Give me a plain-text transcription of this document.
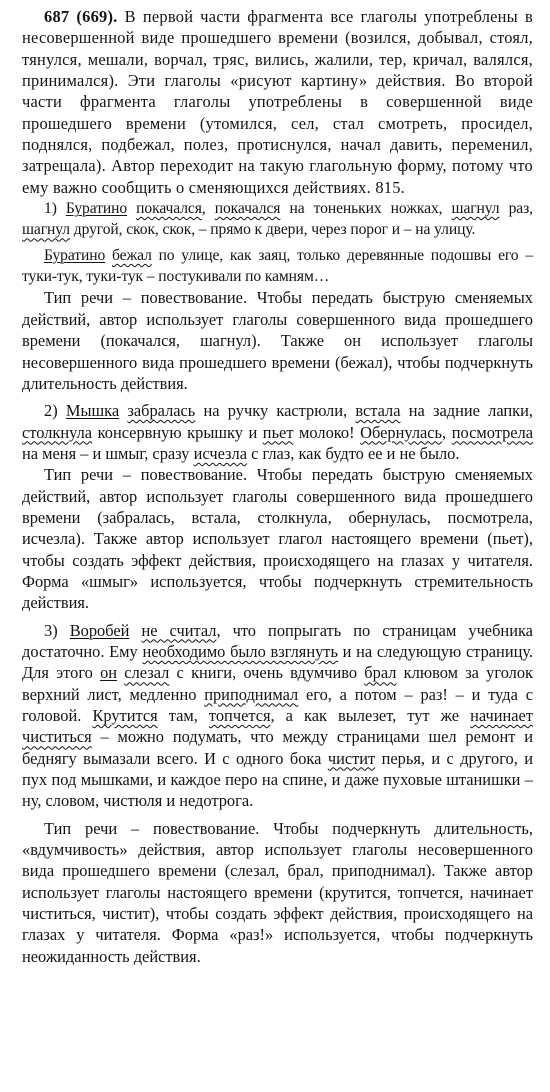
687 (669). В первой части фрагмента все глаголы употреблены в несовершенной виде прошедшего времени (возился, добывал, стоял, тянулся, мешали, ворчал, тряс, вились, жалили, тер, кричал, валялся, принимался). Эти глаголы «рисуют картину» действия. Во второй части фрагмента глаголы употреблены в совершенной виде прошедшего времени (утомился, сел, стал смотреть, просидел, поднялся, подбежал, полез, протиснулся, начал давить, переменил, затрещала). Автор переходит на такую глагольную форму, потому что ему важно сообщить о сменяющихся действиях. 815.

1) Буратино покачался, покачался на тоненьких ножках, шагнул раз, шагнул другой, скок, скок, – прямо к двери, через порог и – на улицу.

Буратино бежал по улице, как заяц, только деревянные подошвы его – туки-тук, туки-тук – постукивали по камням…

Тип речи – повествование. Чтобы передать быструю сменяемых действий, автор использует глаголы совершенного вида прошедшего времени (покачался, шагнул). Также он использует глаголы несовершенного вида прошедшего времени (бежал), чтобы подчеркнуть длительность действия.

2) Мышка забралась на ручку кастрюли, встала на задние лапки, столкнула консервную крышку и пьет молоко! Обернулась, посмотрела на меня – и шмыг, сразу исчезла с глаз, как будто ее и не было.

Тип речи – повествование. Чтобы передать быструю сменяемых действий, автор использует глаголы совершенного вида прошедшего времени (забралась, встала, столкнула, обернулась, посмотрела, исчезла). Также автор использует глагол настоящего времени (пьет), чтобы создать эффект действия, происходящего на глазах у читателя. Форма «шмыг» используется, чтобы подчеркнуть стремительность действия.

3) Воробей не считал, что попрыгать по страницам учебника достаточно. Ему необходимо было взглянуть и на следующую страницу. Для этого он слезал с книги, очень вдумчиво брал клювом за уголок верхний лист, медленно приподнимал его, а потом – раз! – и туда с головой. Крутится там, топчется, а как вылезет, тут же начинает чиститься – можно подумать, что между страницами шел ремонт и беднягу вымазали всего. И с одного бока чистит перья, и с другого, и пух под мышками, и каждое перо на спине, и даже пуховые штанишки – ну, словом, чистюля и недотрога.

Тип речи – повествование. Чтобы подчеркнуть длительность, «вдумчивость» действия, автор использует глаголы несовершенного вида прошедшего времени (слезал, брал, приподнимал). Также автор использует глаголы настоящего времени (крутится, топчется, начинает чиститься, чистит), чтобы создать эффект действия, происходящего на глазах у читателя. Форма «раз!» используется, чтобы подчеркнуть неожиданность действия.
